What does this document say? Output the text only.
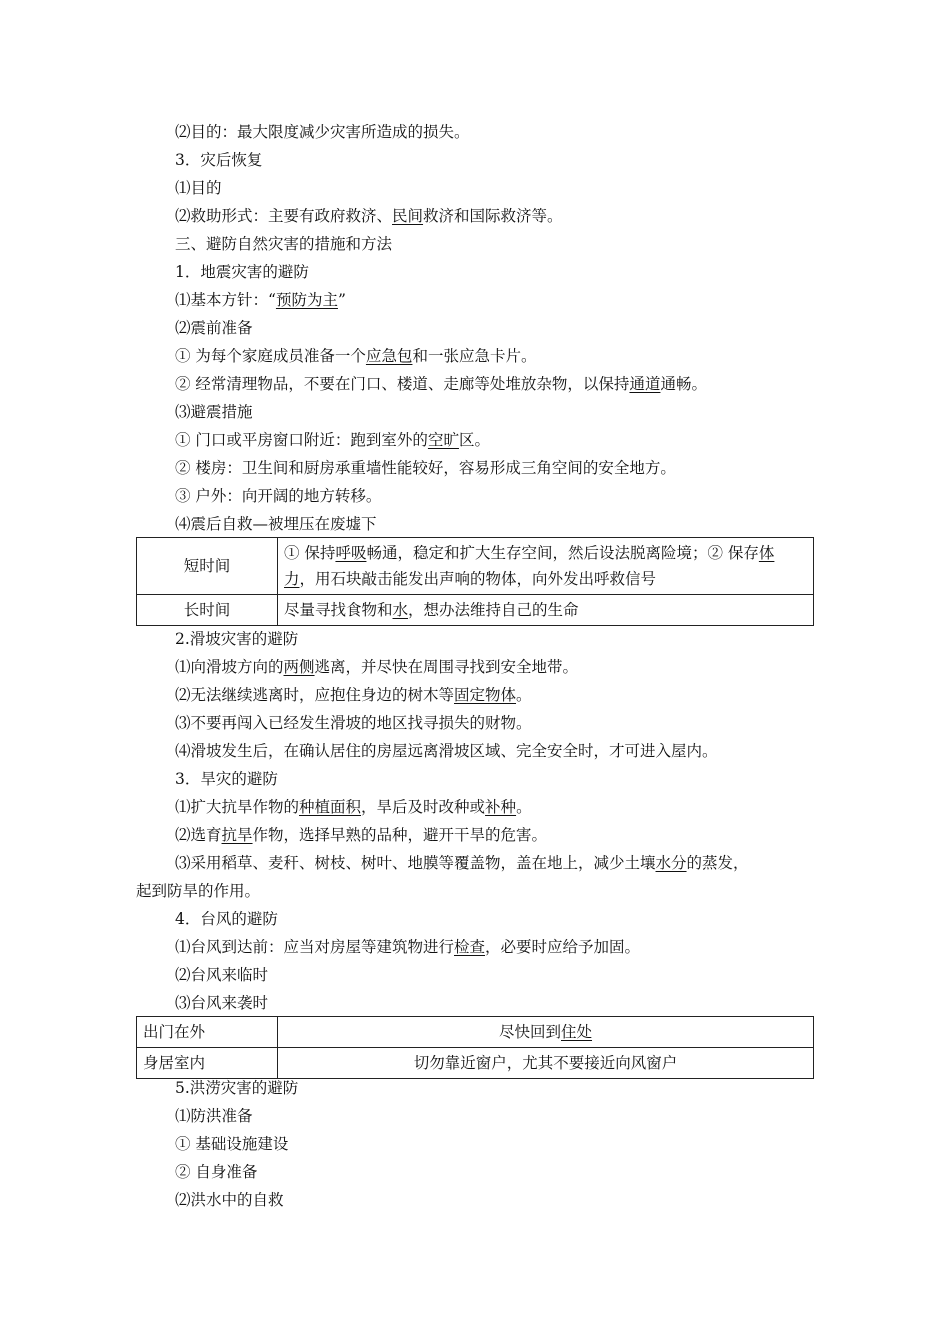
⑵目的：最大限度减少灾害所造成的损失。
3．灾后恢复
⑴目的
⑵救助形式：主要有政府救济、民间救济和国际救济等。
三、避防自然灾害的措施和方法
1．地震灾害的避防
⑴基本方针：“预防为主”
⑵震前准备
① 为每个家庭成员准备一个应急包和一张应急卡片。
② 经常清理物品，不要在门口、楼道、走廊等处堆放杂物，以保持通道通畅。
⑶避震措施
① 门口或平房窗口附近：跑到室外的空旷区。
② 楼房：卫生间和厨房承重墙性能较好，容易形成三角空间的安全地方。
③ 户外：向开阔的地方转移。
⑷震后自救—被埋压在废墟下
短时间	① 保持呼吸畅通，稳定和扩大生存空间，然后设法脱离险境；② 保存体
力，用石块敲击能发出声响的物体，向外发出呼救信号
长时间	尽量寻找食物和水，想办法维持自己的生命
2.滑坡灾害的避防
⑴向滑坡方向的两侧逃离，并尽快在周围寻找到安全地带。
⑵无法继续逃离时，应抱住身边的树木等固定物体。
⑶不要再闯入已经发生滑坡的地区找寻损失的财物。
⑷滑坡发生后，在确认居住的房屋远离滑坡区域、完全安全时，才可进入屋内。
3．旱灾的避防
⑴扩大抗旱作物的种植面积，旱后及时改种或补种。
⑵选育抗旱作物，选择早熟的品种，避开干旱的危害。
⑶采用稻草、麦秆、树枝、树叶、地膜等覆盖物，盖在地上，减少土壤水分的蒸发，
起到防旱的作用。
4．台风的避防
⑴台风到达前：应当对房屋等建筑物进行检查，必要时应给予加固。
⑵台风来临时
⑶台风来袭时
出门在外	尽快回到住处
身居室内	切勿靠近窗户，尤其不要接近向风窗户
5.洪涝灾害的避防
⑴防洪准备
① 基础设施建设
② 自身准备
⑵洪水中的自救
